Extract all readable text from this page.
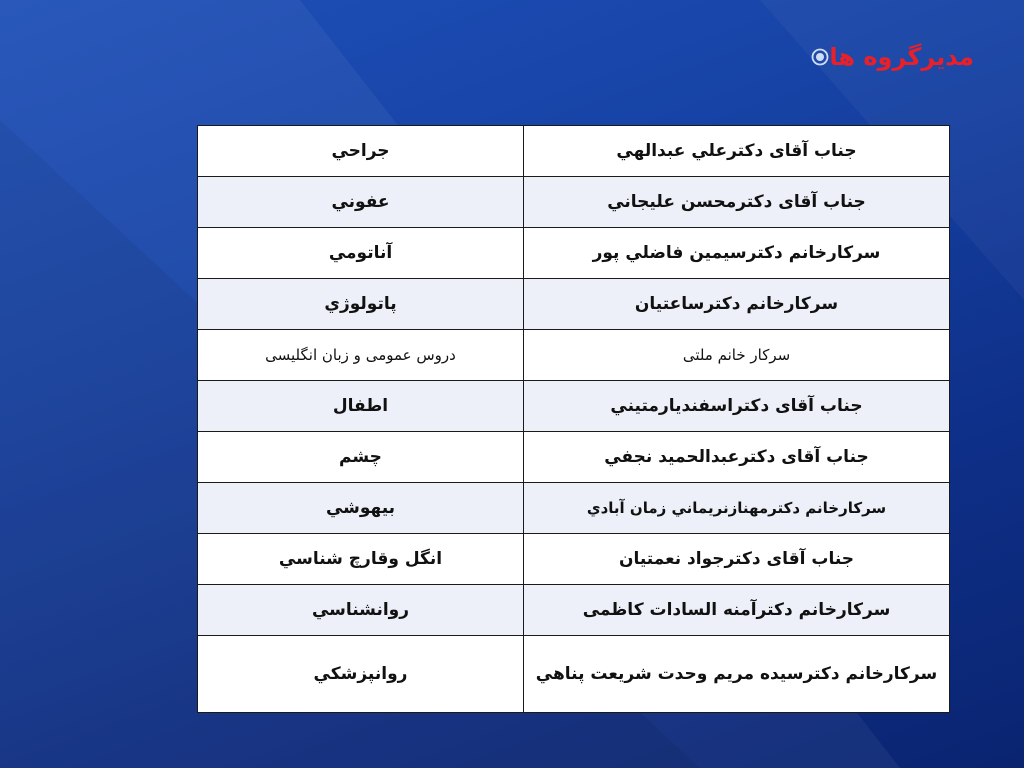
مدیرگروه ها
جناب آقای دکترعلي عبدالهي	جراحي
جناب آقای دکترمحسن عليجاني	عفوني
سرکارخانم دکترسيمين فاضلي پور	آناتومي
سرکارخانم دکترساعتیان	پاتولوژي
سرکار خانم ملتی	دروس عمومی و زبان انگلیسی
جناب آقای دکتراسفنديارمتيني	اطفال
جناب آقای دکترعبدالحمید نجفي	چشم
سرکارخانم دکترمهنازنريماني زمان آبادي	بيهوشي
جناب آقای دکترجواد نعمتيان	انگل وقارچ شناسي
سرکارخانم دکترآمنه السادات کاظمی	روانشناسي
سرکارخانم دکترسیده مریم وحدت شریعت پناهي	روانپزشکي
